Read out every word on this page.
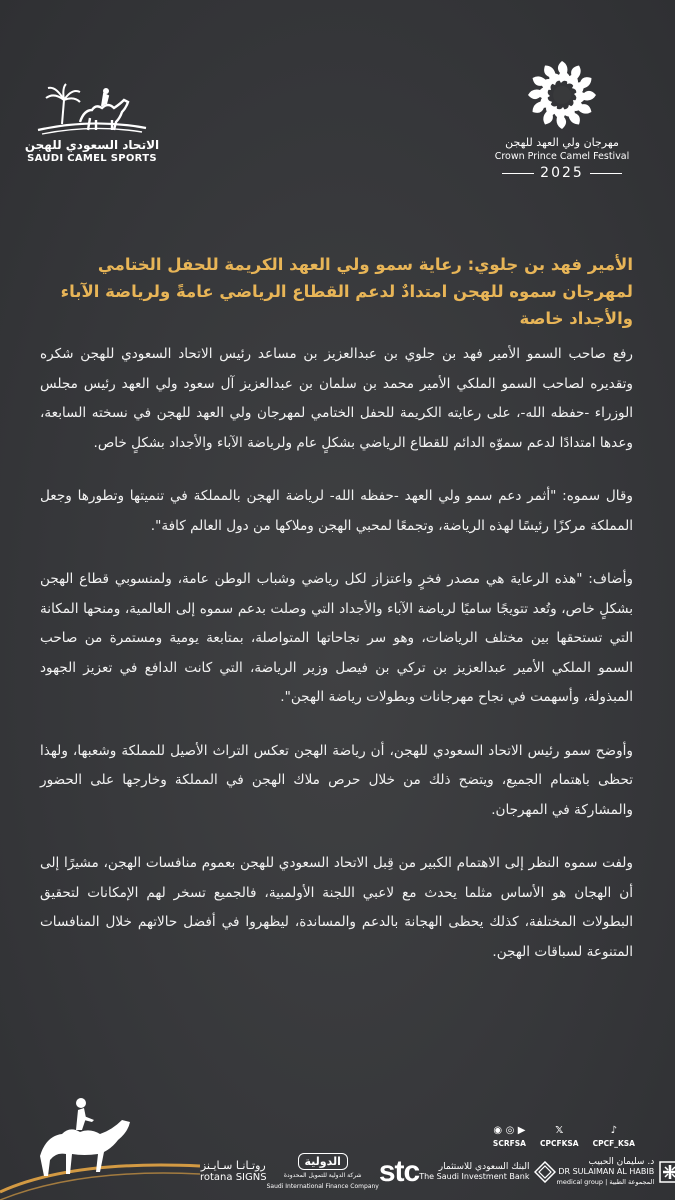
الاتحاد السعودي للهجن
SAUDI CAMEL SPORTS
مهرجان ولي العهد للهجن
Crown Prince Camel Festival
2025
الأمير فهد بن جلوي: رعاية سمو ولي العهد الكريمة للحفل الختامي لمهرجان سموه للهجن امتدادٌ لدعم القطاع الرياضي عامةً ولرياضة الآباء والأجداد خاصة

رفع صاحب السمو الأمير فهد بن جلوي بن عبدالعزيز بن مساعد رئيس الاتحاد السعودي للهجن شكره وتقديره لصاحب السمو الملكي الأمير محمد بن سلمان بن عبدالعزيز آل سعود ولي العهد رئيس مجلس الوزراء -حفظه الله-، على رعايته الكريمة للحفل الختامي لمهرجان ولي العهد للهجن في نسخته السابعة، وعدها امتدادًا لدعم سموّه الدائم للقطاع الرياضي بشكلٍ عام ولرياضة الآباء والأجداد بشكلٍ خاص.

وقال سموه: "أثمر دعم سمو ولي العهد -حفظه الله- لرياضة الهجن بالمملكة في تنميتها وتطورها وجعل المملكة مركزًا رئيسًا لهذه الرياضة، وتجمعًا لمحبي الهجن وملاكها من دول العالم كافة".

وأضاف: "هذه الرعاية هي مصدر فخرٍ واعتزاز لكل رياضي وشباب الوطن عامة، ولمنسوبي قطاع الهجن بشكلٍ خاص، وتُعد تتويجًا ساميًا لرياضة الآباء والأجداد التي وصلت بدعم سموه إلى العالمية، ومنحها المكانة التي تستحقها بين مختلف الرياضات، وهو سر نجاحاتها المتواصلة، بمتابعة يومية ومستمرة من صاحب السمو الملكي الأمير عبدالعزيز بن تركي بن فيصل وزير الرياضة، التي كانت الدافع في تعزيز الجهود المبذولة، وأسهمت في نجاح مهرجانات وبطولات رياضة الهجن".

وأوضح سمو رئيس الاتحاد السعودي للهجن، أن رياضة الهجن تعكس التراث الأصيل للمملكة وشعبها، ولهذا تحظى باهتمام الجميع، ويتضح ذلك من خلال حرص ملاك الهجن في المملكة وخارجها على الحضور والمشاركة في المهرجان.

ولفت سموه النظر إلى الاهتمام الكبير من قِبل الاتحاد السعودي للهجن بعموم منافسات الهجن، مشيرًا إلى أن الهجان هو الأساس مثلما يحدث مع لاعبي اللجنة الأولمبية، فالجميع تسخر لهم الإمكانات لتحقيق البطولات المختلفة، كذلك يحظى الهجانة بالدعم والمساندة، ليظهروا في أفضل حالاتهم خلال المنافسات المتنوعة لسباقات الهجن.

◉ ◎ ▶
SCRFSA
𝕏
CPCFKSA
♪
CPCF_KSA
روتـانـا سـايـنز
rotana SIGNS
الدولية
شركة الدولية للتمويل المحدودة
Saudi International Finance Company stc	البنك السعودي للاستثمار
The Saudi Investment Bank
د. سليمان الحبيب
DR SULAIMAN AL HABIB
medical group | المجموعة الطبية
